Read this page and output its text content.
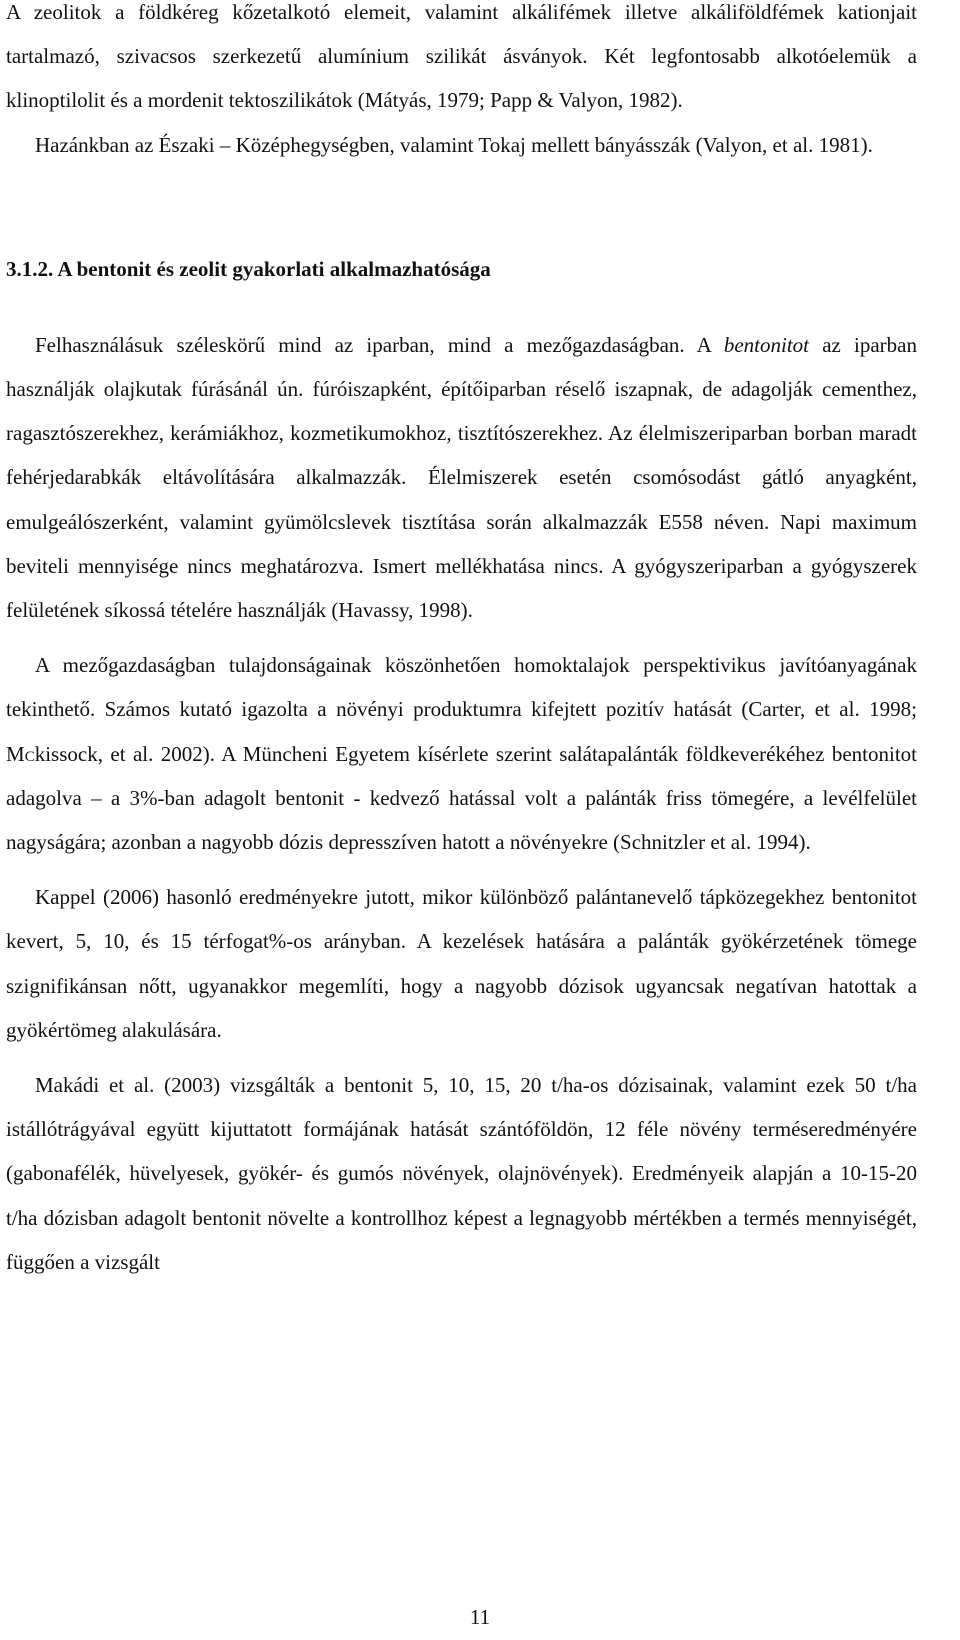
A zeolitok a földkéreg kőzetalkotó elemeit, valamint alkálifémek illetve alkáliföldfémek kationjait tartalmazó, szivacsos szerkezetű alumínium szilikát ásványok. Két legfontosabb alkotóelemük a klinoptilolit és a mordenit tektoszilikátok (Mátyás, 1979; Papp & Valyon, 1982).

Hazánkban az Északi – Középhegységben, valamint Tokaj mellett bányásszák (Valyon, et al. 1981).

3.1.2. A bentonit és zeolit gyakorlati alkalmazhatósága

Felhasználásuk széleskörű mind az iparban, mind a mezőgazdaságban. A bentonitot az iparban használják olajkutak fúrásánál ún. fúróiszapként, építőiparban réselő iszapnak, de adagolják cementhez, ragasztószerekhez, kerámiákhoz, kozmetikumokhoz, tisztítószerekhez. Az élelmiszeriparban borban maradt fehérjedarabkák eltávolítására alkalmazzák. Élelmiszerek esetén csomósodást gátló anyagként, emulgeálószerként, valamint gyümölcslevek tisztítása során alkalmazzák E558 néven. Napi maximum beviteli mennyisége nincs meghatározva. Ismert mellékhatása nincs. A gyógyszeriparban a gyógyszerek felületének síkossá tételére használják (Havassy, 1998).

A mezőgazdaságban tulajdonságainak köszönhetően homoktalajok perspektivikus javítóanyagának tekinthető. Számos kutató igazolta a növényi produktumra kifejtett pozitív hatását (Carter, et al. 1998; Mckissock, et al. 2002). A Müncheni Egyetem kísérlete szerint salátapalánták földkeverékéhez bentonitot adagolva – a 3%-ban adagolt bentonit - kedvező hatással volt a palánták friss tömegére, a levélfelület nagyságára; azonban a nagyobb dózis depresszíven hatott a növényekre (Schnitzler et al. 1994).

Kappel (2006) hasonló eredményekre jutott, mikor különböző palántanevelő tápközegekhez bentonitot kevert, 5, 10, és 15 térfogat%-os arányban. A kezelések hatására a palánták gyökérzetének tömege szignifikánsan nőtt, ugyanakkor megemlíti, hogy a nagyobb dózisok ugyancsak negatívan hatottak a gyökértömeg alakulására.

Makádi et al. (2003) vizsgálták a bentonit 5, 10, 15, 20 t/ha-os dózisainak, valamint ezek 50 t/ha istállótrágyával együtt kijuttatott formájának hatását szántóföldön, 12 féle növény terméseredményére (gabonafélék, hüvelyesek, gyökér- és gumós növények, olajnövények). Eredményeik alapján a 10-15-20 t/ha dózisban adagolt bentonit növelte a kontrollhoz képest a legnagyobb mértékben a termés mennyiségét, függően a vizsgált

11
